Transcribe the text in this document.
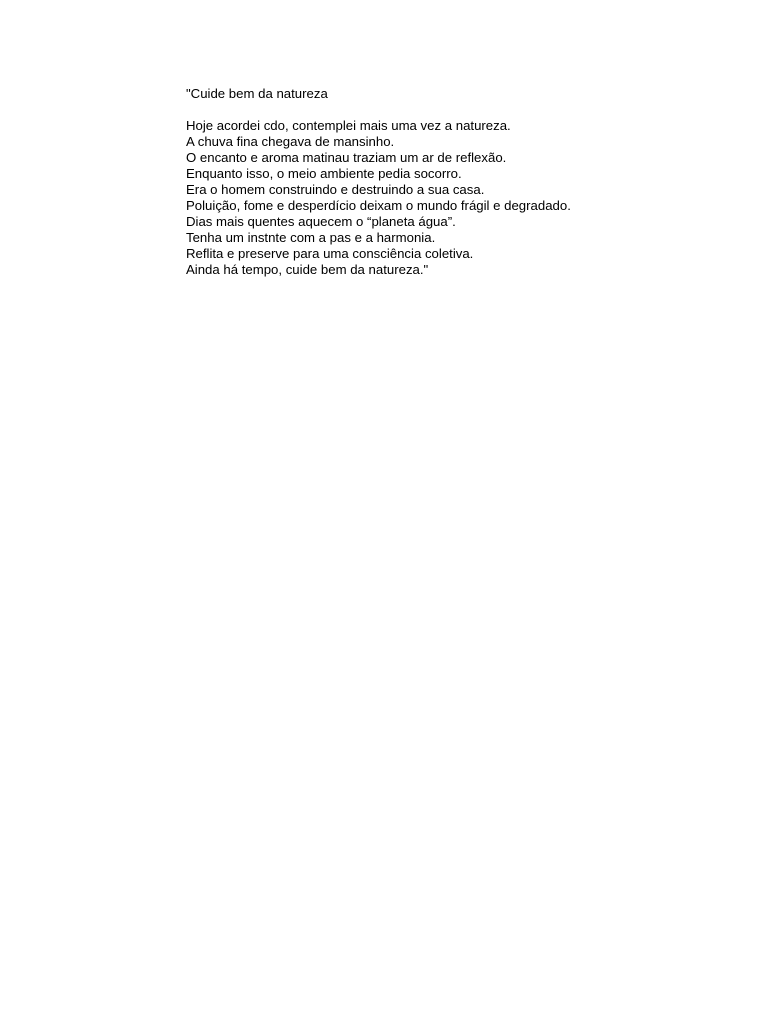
"Cuide bem da natureza

Hoje acordei cdo, contemplei mais uma vez a natureza.

A chuva fina chegava de mansinho.

O encanto e aroma matinau traziam um ar de reflexão.

Enquanto isso, o meio ambiente pedia socorro.

Era o homem construindo e destruindo a sua casa.

Poluição, fome e desperdício deixam o mundo frágil e degradado.

Dias mais quentes aquecem o “planeta água”.

Tenha um instnte com a pas e a harmonia.

Reflita e preserve para uma consciência coletiva.

Ainda há tempo, cuide bem da natureza."
